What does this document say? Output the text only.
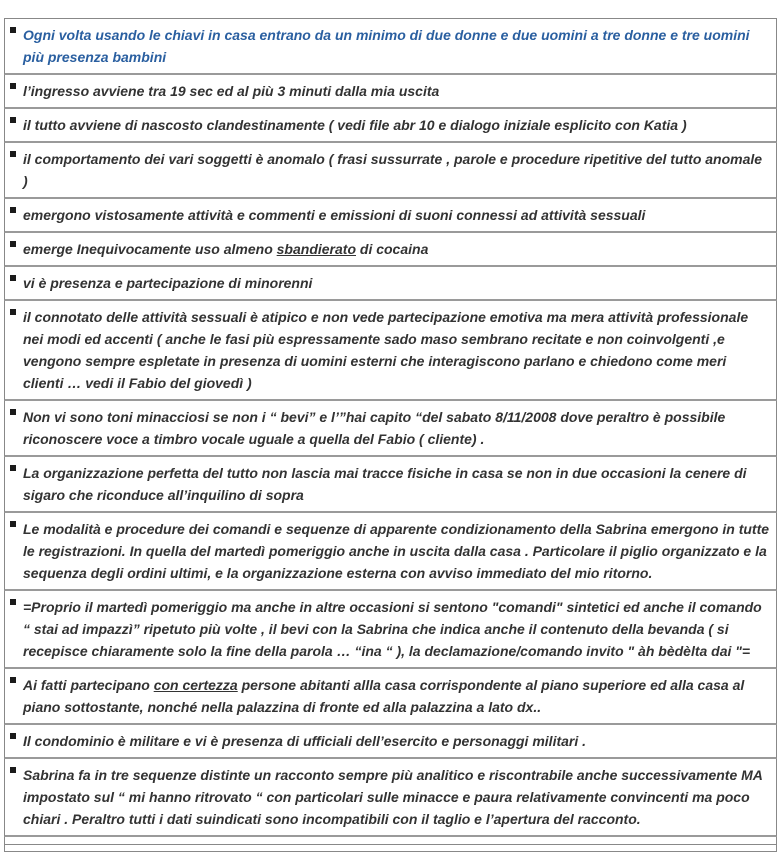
Ogni volta usando le chiavi in casa entrano da un minimo di due donne e due uomini a tre donne e tre uomini più presenza bambini
l’ingresso avviene tra 19 sec ed al più 3 minuti dalla mia uscita
il tutto avviene di nascosto clandestinamente ( vedi file abr 10 e dialogo iniziale esplicito con Katia )
il comportamento dei vari soggetti è anomalo ( frasi sussurrate , parole e procedure ripetitive del tutto anomale )
emergono vistosamente attività e commenti e emissioni di suoni connessi ad attività sessuali
emerge Inequivocamente uso almeno sbandierato di cocaina
vi è presenza e partecipazione di minorenni
il connotato delle attività sessuali è atipico e non vede partecipazione emotiva ma mera attività professionale nei modi ed accenti ( anche le fasi più espressamente sado maso sembrano recitate e non coinvolgenti ,e vengono sempre espletate in presenza di uomini esterni che interagiscono parlano e chiedono come meri clienti … vedi il Fabio del giovedì )
Non vi sono toni minacciosi se non i “ bevi” e l’”hai capito “del sabato 8/11/2008 dove peraltro è possibile riconoscere voce a timbro vocale uguale a quella del Fabio ( cliente) .
La organizzazione perfetta del tutto non lascia mai tracce fisiche in casa se non in due occasioni la cenere di sigaro che riconduce all’inquilino di sopra
Le modalità e procedure dei comandi e sequenze di apparente condizionamento della Sabrina emergono in tutte le registrazioni. In quella del martedì pomeriggio anche in uscita dalla casa . Particolare il piglio organizzato e la sequenza degli ordini ultimi, e la organizzazione esterna con avviso immediato del mio ritorno.
=Proprio il martedì pomeriggio ma anche in altre occasioni si sentono "comandi" sintetici ed anche il comando “ stai ad impazzì” ripetuto più volte , il bevi con la Sabrina che indica anche il contenuto della bevanda ( si recepisce chiaramente solo la fine della parola … “ina “ ), la declamazione/comando invito " àh bèdèlta dai "=
Ai fatti partecipano con certezza persone abitanti allla casa corrispondente al piano superiore ed alla casa al piano sottostante, nonché nella palazzina di fronte ed alla palazzina a lato dx..
Il condominio è militare e vi è presenza di ufficiali dell’esercito e personaggi militari .
Sabrina fa in tre sequenze distinte un racconto sempre più analitico e riscontrabile anche successivamente MA impostato sul “ mi hanno ritrovato “ con particolari sulle minacce e paura relativamente convincenti ma poco chiari . Peraltro tutti i dati suindicati sono incompatibili con il taglio e l’apertura del racconto.
